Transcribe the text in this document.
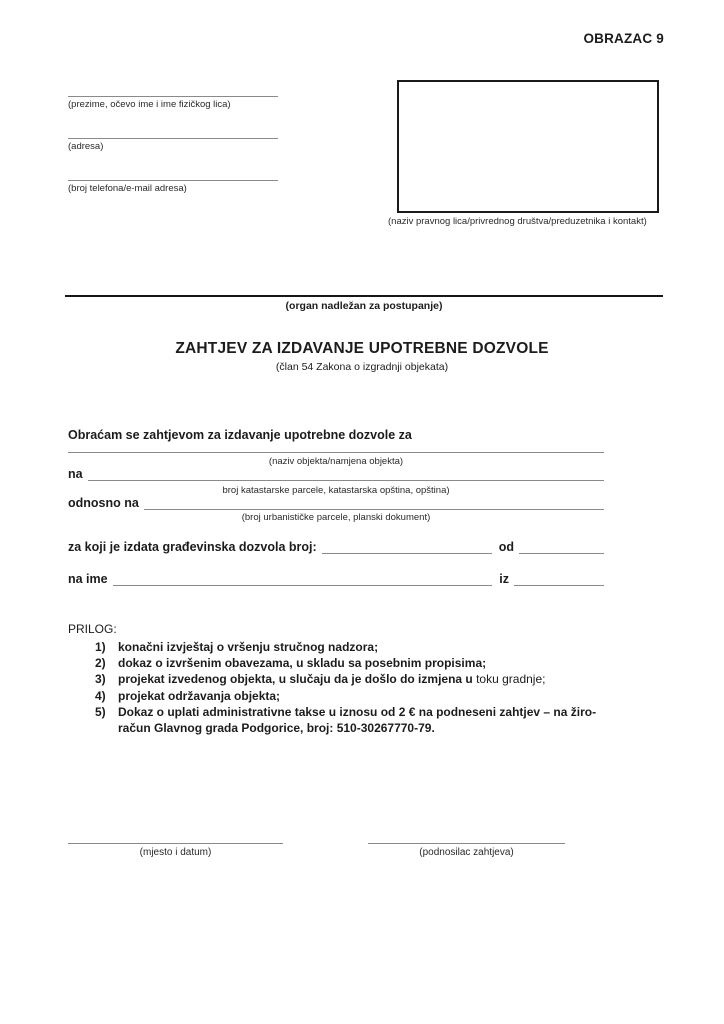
OBRAZAC 9
(prezime, očevo ime i ime fizičkog lica)
(adresa)
(broj telefona/e-mail adresa)
(naziv pravnog lica/privrednog društva/preduzetnika i kontakt)
(organ nadležan za postupanje)
ZAHTJEV ZA IZDAVANJE UPOTREBNE DOZVOLE
(član 54 Zakona o izgradnji objekata)
Obraćam se zahtjevom za izdavanje upotrebne dozvole za
(naziv objekta/namjena objekta)
na
broj katastarske parcele, katastarska opština, opština)
odnosno na
(broj urbanističke parcele, planski dokument)
za koji je izdata građevinska dozvola broj:	od
na ime	iz
PRILOG:
1)	konačni izvještaj o vršenju stručnog nadzora;
2)	dokaz o izvršenim obavezama, u skladu sa posebnim propisima;
3)	projekat izvedenog objekta, u slučaju da je došlo do izmjena u toku gradnje;
4)	projekat održavanja objekta;
5)	Dokaz o uplati administrativne takse u iznosu od 2 € na podneseni zahtjev – na žiro- račun Glavnog grada Podgorice, broj: 510-30267770-79.
(mjesto i datum)	(podnosilac zahtjeva)
